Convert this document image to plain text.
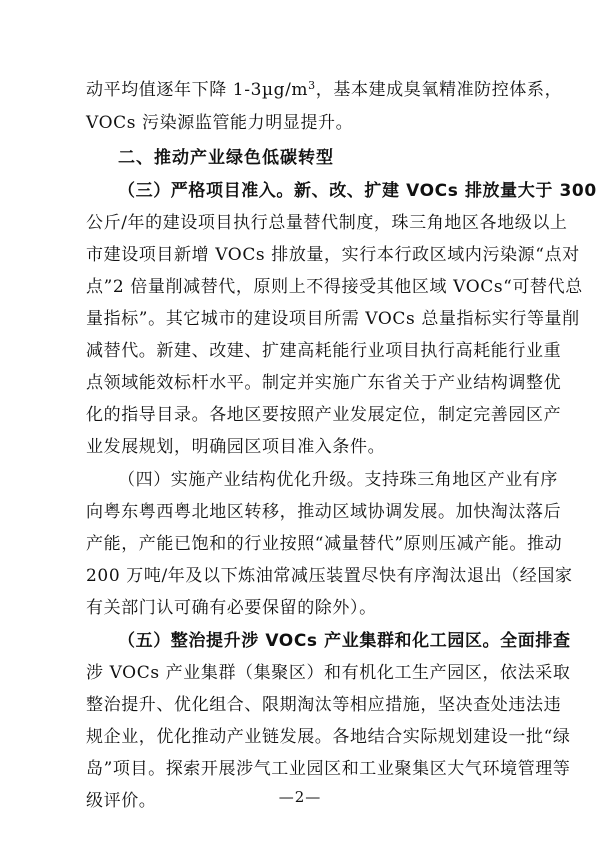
动平均值逐年下降 $1-3\mu g/m^3$，基本建成臭氧精准防控体系，
VOCs 污染源监管能力明显提升。
二、推动产业绿色低碳转型
（三）严格项目准入。新、改、扩建 VOCs 排放量大于 300
公斤/年的建设项目执行总量替代制度，珠三角地区各地级以上
市建设项目新增 VOCs 排放量，实行本行政区域内污染源“点对
点”2 倍量削减替代，原则上不得接受其他区域 VOCs“可替代总
量指标”。其它城市的建设项目所需 VOCs 总量指标实行等量削
减替代。新建、改建、扩建高耗能行业项目执行高耗能行业重
点领域能效标杆水平。制定并实施广东省关于产业结构调整优
化的指导目录。各地区要按照产业发展定位，制定完善园区产
业发展规划，明确园区项目准入条件。
（四）实施产业结构优化升级。支持珠三角地区产业有序
向粤东粤西粤北地区转移，推动区域协调发展。加快淘汰落后
产能，产能已饱和的行业按照“减量替代”原则压减产能。推动
200 万吨/年及以下炼油常减压装置尽快有序淘汰退出（经国家
有关部门认可确有必要保留的除外）。
（五）整治提升涉 VOCs 产业集群和化工园区。全面排查
涉 VOCs 产业集群（集聚区）和有机化工生产园区，依法采取
整治提升、优化组合、限期淘汰等相应措施，坚决查处违法违
规企业，优化推动产业链发展。各地结合实际规划建设一批“绿
岛”项目。探索开展涉气工业园区和工业聚集区大气环境管理等
级评价。	—2—
